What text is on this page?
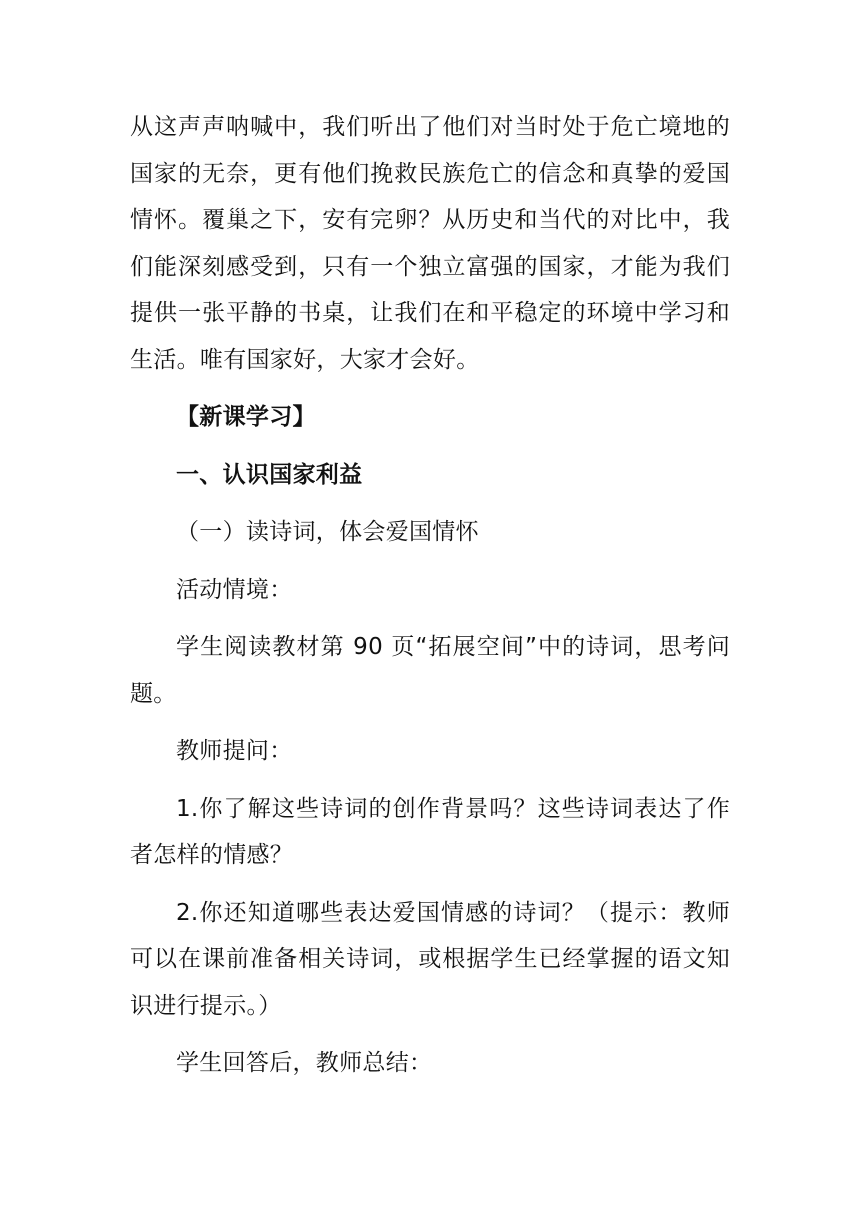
从这声声呐喊中，我们听出了他们对当时处于危亡境地的国家的无奈，更有他们挽救民族危亡的信念和真挚的爱国情怀。覆巢之下，安有完卵？从历史和当代的对比中，我们能深刻感受到，只有一个独立富强的国家，才能为我们提供一张平静的书桌，让我们在和平稳定的环境中学习和生活。唯有国家好，大家才会好。

【新课学习】

一、认识国家利益

（一）读诗词，体会爱国情怀

活动情境：

学生阅读教材第 90 页“拓展空间”中的诗词，思考问题。

教师提问：

1.你了解这些诗词的创作背景吗？这些诗词表达了作者怎样的情感？

2.你还知道哪些表达爱国情感的诗词？（提示：教师可以在课前准备相关诗词，或根据学生已经掌握的语文知识进行提示。）

学生回答后，教师总结：
